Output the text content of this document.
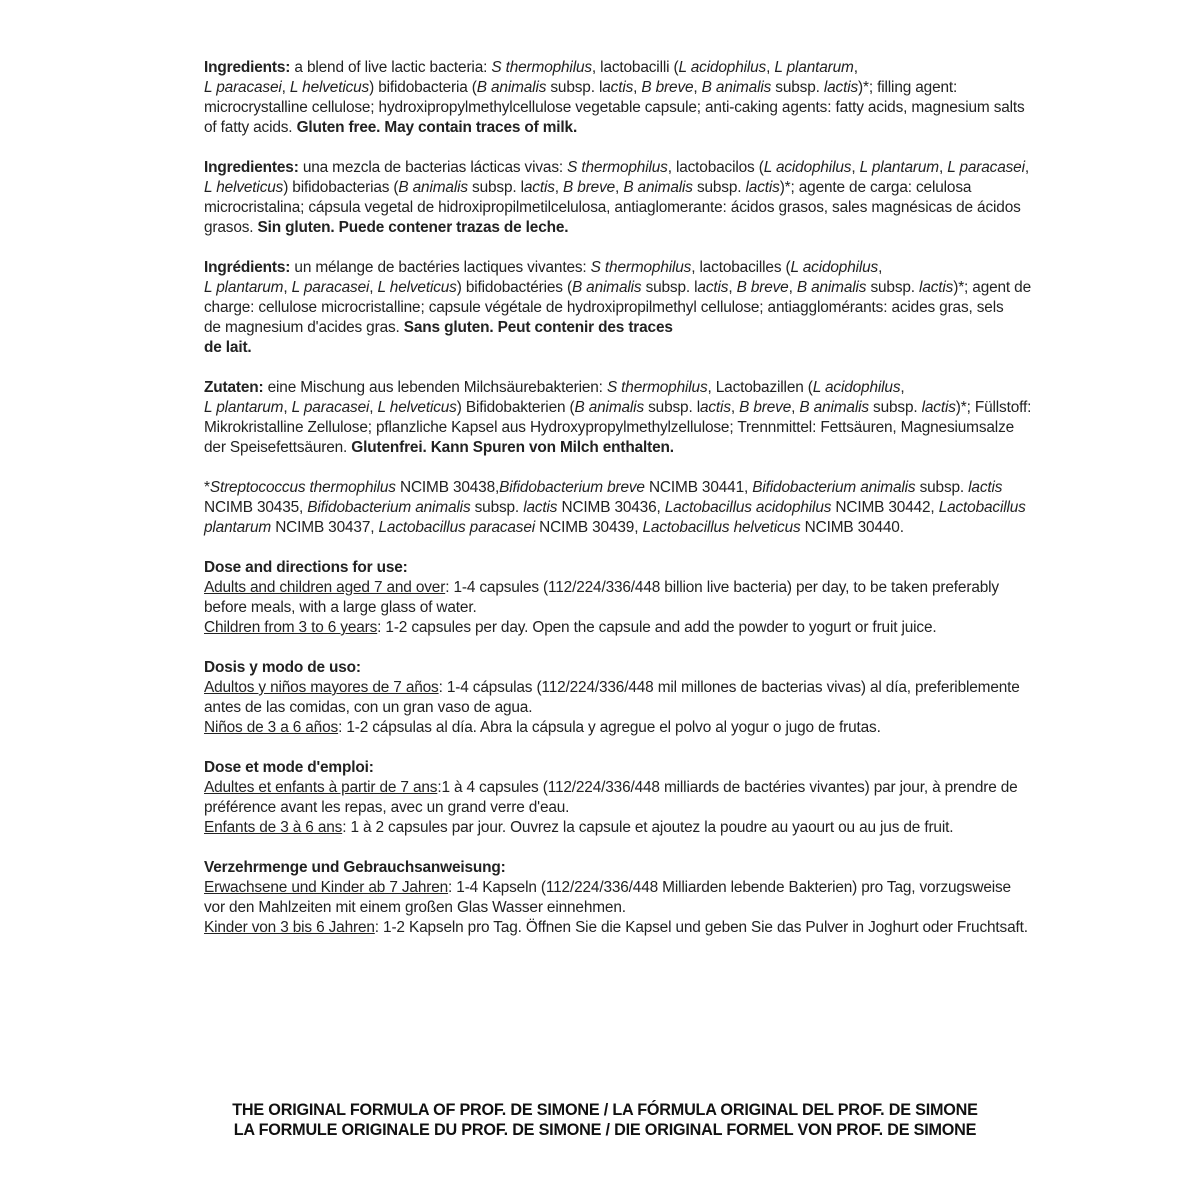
Ingredients: a blend of live lactic bacteria: S thermophilus, lactobacilli (L acidophilus, L plantarum,
L paracasei, L helveticus) bifidobacteria (B animalis subsp. lactis, B breve, B animalis subsp. lactis)*; filling agent:
microcrystalline cellulose; hydroxipropylmethylcellulose vegetable capsule; anti-caking agents: fatty acids, magnesium salts
of fatty acids. Gluten free. May contain traces of milk.
Ingredientes: una mezcla de bacterias lácticas vivas: S thermophilus, lactobacilos (L acidophilus, L plantarum, L paracasei,
L helveticus) bifidobacterias (B animalis subsp. lactis, B breve, B animalis subsp. lactis)*; agente de carga: celulosa
microcristalina; cápsula vegetal de hidroxipropilmetilcelulosa, antiaglomerante: ácidos grasos, sales magnésicas de ácidos
grasos. Sin gluten. Puede contener trazas de leche.
Ingrédients: un mélange de bactéries lactiques vivantes: S thermophilus, lactobacilles (L acidophilus,
L plantarum, L paracasei, L helveticus) bifidobactéries (B animalis subsp. lactis, B breve, B animalis subsp. lactis)*; agent de
charge: cellulose microcristalline; capsule végétale de hydroxipropilmethyl cellulose; antiagglomérants: acides gras, sels
de magnesium d'acides gras. Sans gluten. Peut contenir des traces
de lait.
Zutaten: eine Mischung aus lebenden Milchsäurebakterien: S thermophilus, Lactobazillen (L acidophilus,
L plantarum, L paracasei, L helveticus) Bifidobakterien (B animalis subsp. lactis, B breve, B animalis subsp. lactis)*; Füllstoff:
Mikrokristalline Zellulose; pflanzliche Kapsel aus Hydroxypropylmethylzellulose; Trennmittel: Fettsäuren, Magnesiumsalze
der Speisefettsäuren. Glutenfrei. Kann Spuren von Milch enthalten.
*Streptococcus thermophilus NCIMB 30438,Bifidobacterium breve NCIMB 30441, Bifidobacterium animalis subsp. lactis
NCIMB 30435, Bifidobacterium animalis subsp. lactis NCIMB 30436, Lactobacillus acidophilus NCIMB 30442, Lactobacillus
plantarum NCIMB 30437, Lactobacillus paracasei NCIMB 30439, Lactobacillus helveticus NCIMB 30440.
Dose and directions for use:
Adults and children aged 7 and over: 1-4 capsules (112/224/336/448 billion live bacteria) per day, to be taken preferably
before meals, with a large glass of water.
Children from 3 to 6 years: 1-2 capsules per day. Open the capsule and add the powder to yogurt or fruit juice.
Dosis y modo de uso:
Adultos y niños mayores de 7 años: 1-4 cápsulas (112/224/336/448 mil millones de bacterias vivas) al día, preferiblemente
antes de las comidas, con un gran vaso de agua.
Niños de 3 a 6 años: 1-2 cápsulas al día. Abra la cápsula y agregue el polvo al yogur o jugo de frutas.
Dose et mode d'emploi:
Adultes et enfants à partir de 7 ans:1 à 4 capsules (112/224/336/448 milliards de bactéries vivantes) par jour, à prendre de
préférence avant les repas, avec un grand verre d'eau.
Enfants de 3 à 6 ans: 1 à 2 capsules par jour. Ouvrez la capsule et ajoutez la poudre au yaourt ou au jus de fruit.
Verzehrmenge und Gebrauchsanweisung:
Erwachsene und Kinder ab 7 Jahren: 1-4 Kapseln (112/224/336/448 Milliarden lebende Bakterien) pro Tag, vorzugsweise
vor den Mahlzeiten mit einem großen Glas Wasser einnehmen.
Kinder von 3 bis 6 Jahren: 1-2 Kapseln pro Tag. Öffnen Sie die Kapsel und geben Sie das Pulver in Joghurt oder Fruchtsaft.
THE ORIGINAL FORMULA OF PROF. DE SIMONE / LA FÓRMULA ORIGINAL DEL PROF. DE SIMONE
LA FORMULE ORIGINALE DU PROF. DE SIMONE / DIE ORIGINAL FORMEL VON PROF. DE SIMONE
